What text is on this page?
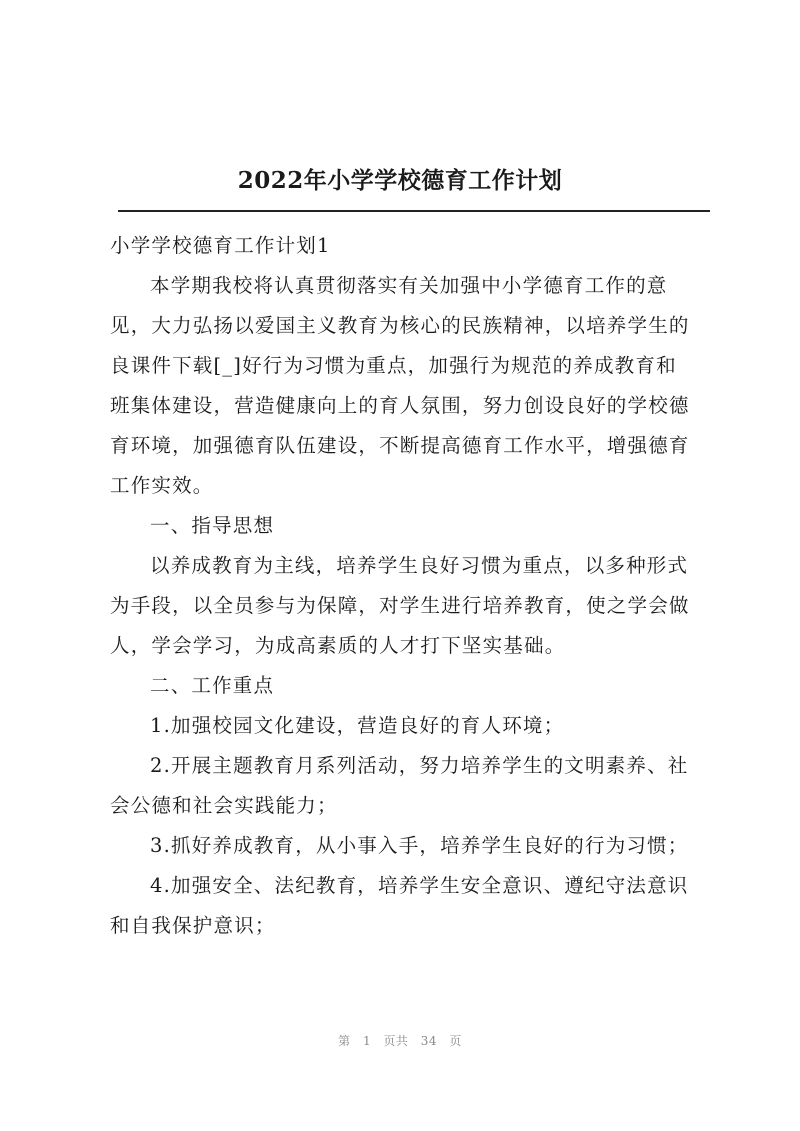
2022年小学学校德育工作计划
小学学校德育工作计划1
本学期我校将认真贯彻落实有关加强中小学德育工作的意
见，大力弘扬以爱国主义教育为核心的民族精神，以培养学生的
良课件下载[_]好行为习惯为重点，加强行为规范的养成教育和
班集体建设，营造健康向上的育人氛围，努力创设良好的学校德
育环境，加强德育队伍建设，不断提高德育工作水平，增强德育
工作实效。
一、指导思想
以养成教育为主线，培养学生良好习惯为重点，以多种形式
为手段，以全员参与为保障，对学生进行培养教育，使之学会做
人，学会学习，为成高素质的人才打下坚实基础。
二、工作重点
1.加强校园文化建设，营造良好的育人环境；
2.开展主题教育月系列活动，努力培养学生的文明素养、社
会公德和社会实践能力；
3.抓好养成教育，从小事入手，培养学生良好的行为习惯；
4.加强安全、法纪教育，培养学生安全意识、遵纪守法意识
和自我保护意识；
第 1 页共 34 页
